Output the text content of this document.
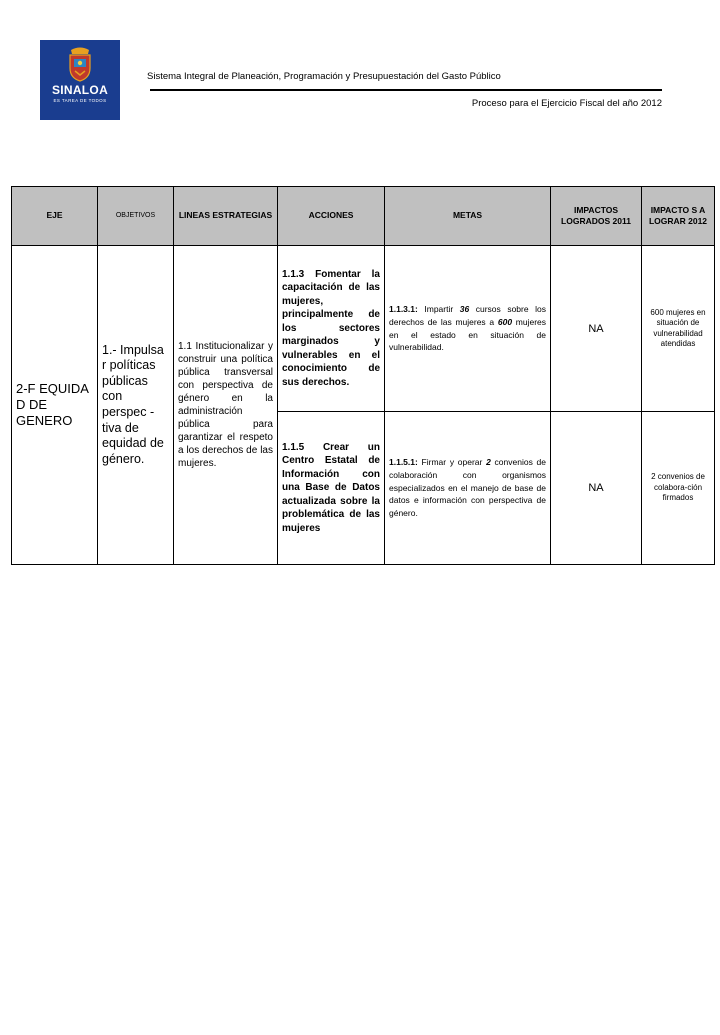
SINALOA
ES TAREA DE TODOS
Sistema Integral de Planeación, Programación y Presupuestación del Gasto Público
Proceso para el Ejercicio Fiscal del año 2012
EJE	OBJETIVOS	LINEAS ESTRATEGIAS	ACCIONES	METAS	IMPACTOS LOGRADOS 2011	IMPACTO S A LOGRAR 2012
2-F EQUIDA D DE GENERO	1.- Impulsa r políticas públicas con perspec -tiva de equidad de género.	1.1 Institucionalizar y construir una política pública transversal con perspectiva de género en la administración pública para garantizar el respeto a los derechos de las mujeres.	1.1.3 Fomentar la capacitación de las mujeres, principalmente de los sectores marginados y vulnerables en el conocimiento de sus derechos.	1.1.3.1: Impartir 36 cursos sobre los derechos de las mujeres a 600 mujeres en el estado en situación de vulnerabilidad.	NA	600 mujeres en situación de vulnerabilidad atendidas
			1.1.5 Crear un Centro Estatal de Información con una Base de Datos actualizada sobre la problemática de las mujeres	1.1.5.1: Firmar y operar 2 convenios de colaboración con organismos especializados en el manejo de base de datos e información con perspectiva de género.	NA	2 convenios de colabora-ción firmados
